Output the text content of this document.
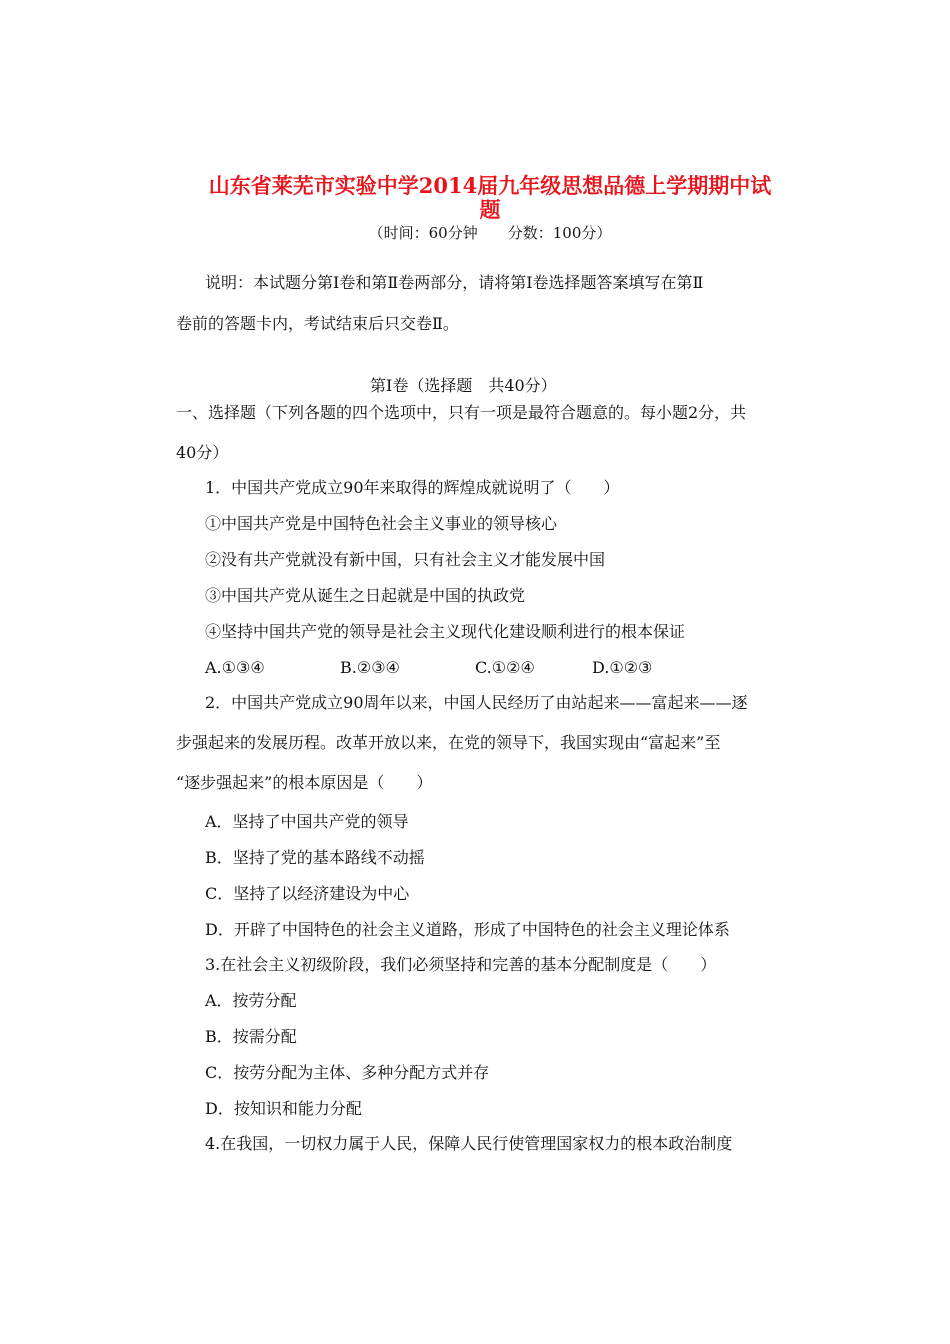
山东省莱芜市实验中学2014届九年级思想品德上学期期中试
题
（时间：60分钟　　分数：100分）
说明：本试题分第Ⅰ卷和第Ⅱ卷两部分，请将第Ⅰ卷选择题答案填写在第Ⅱ
卷前的答题卡内，考试结束后只交卷Ⅱ。
第Ⅰ卷（选择题　共40分）
一、选择题（下列各题的四个选项中，只有一项是最符合题意的。每小题2分，共
40分）
1．中国共产党成立90年来取得的辉煌成就说明了（　　）
①中国共产党是中国特色社会主义事业的领导核心
②没有共产党就没有新中国，只有社会主义才能发展中国
③中国共产党从诞生之日起就是中国的执政党
④坚持中国共产党的领导是社会主义现代化建设顺利进行的根本保证
A.①③④	B.②③④	C.①②④	D.①②③
2．中国共产党成立90周年以来，中国人民经历了由站起来——富起来——逐
步强起来的发展历程。改革开放以来，在党的领导下，我国实现由“富起来”至
“逐步强起来”的根本原因是（　　）
A．坚持了中国共产党的领导
B．坚持了党的基本路线不动摇
C．坚持了以经济建设为中心
D．开辟了中国特色的社会主义道路，形成了中国特色的社会主义理论体系
3.在社会主义初级阶段，我们必须坚持和完善的基本分配制度是（　　）
A．按劳分配
B．按需分配
C．按劳分配为主体、多种分配方式并存
D．按知识和能力分配
4.在我国，一切权力属于人民，保障人民行使管理国家权力的根本政治制度
